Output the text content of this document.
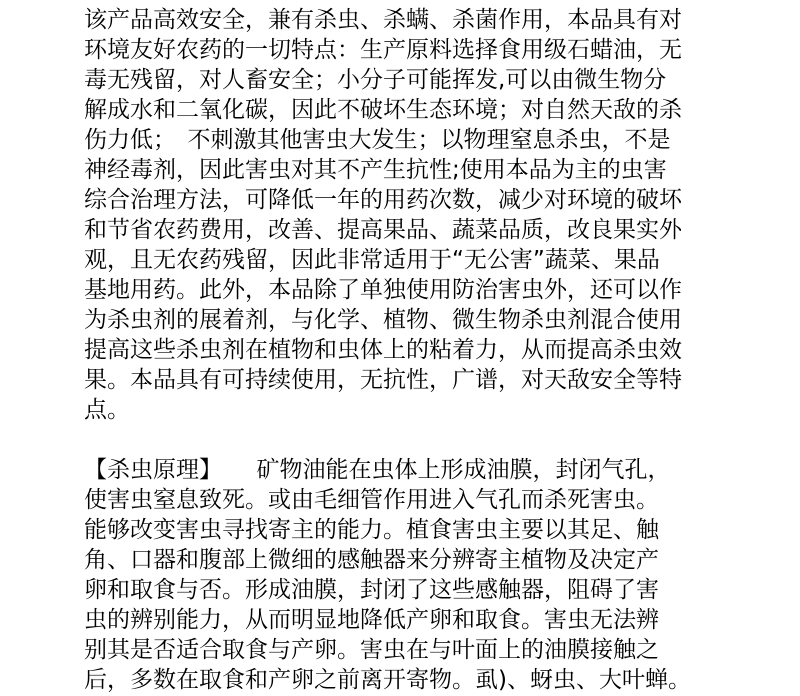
该产品高效安全，兼有杀虫、杀螨、杀菌作用，本品具有对
环境友好农药的一切特点：生产原料选择食用级石蜡油，无
毒无残留，对人畜安全；小分子可能挥发,可以由微生物分
解成水和二氧化碳，因此不破坏生态环境；对自然天敌的杀
伤力低；　不刺激其他害虫大发生；以物理窒息杀虫，不是
神经毒剂，因此害虫对其不产生抗性;使用本品为主的虫害
综合治理方法，可降低一年的用药次数，减少对环境的破坏
和节省农药费用，改善、提高果品、蔬菜品质，改良果实外
观，且无农药残留，因此非常适用于“无公害”蔬菜、果品
基地用药。此外，本品除了单独使用防治害虫外，还可以作
为杀虫剂的展着剂，与化学、植物、微生物杀虫剂混合使用
提高这些杀虫剂在植物和虫体上的粘着力，从而提高杀虫效
果。本品具有可持续使用，无抗性，广谱，对天敌安全等特
点。
【杀虫原理】　　矿物油能在虫体上形成油膜，封闭气孔，
使害虫窒息致死。或由毛细管作用进入气孔而杀死害虫。
能够改变害虫寻找寄主的能力。植食害虫主要以其足、触
角、口器和腹部上微细的感触器来分辨寄主植物及决定产
卵和取食与否。形成油膜，封闭了这些感触器，阻碍了害
虫的辨别能力，从而明显地降低产卵和取食。害虫无法辨
别其是否适合取食与产卵。害虫在与叶面上的油膜接触之
后，多数在取食和产卵之前离开寄物。虱)、蚜虫、大叶蝉。
